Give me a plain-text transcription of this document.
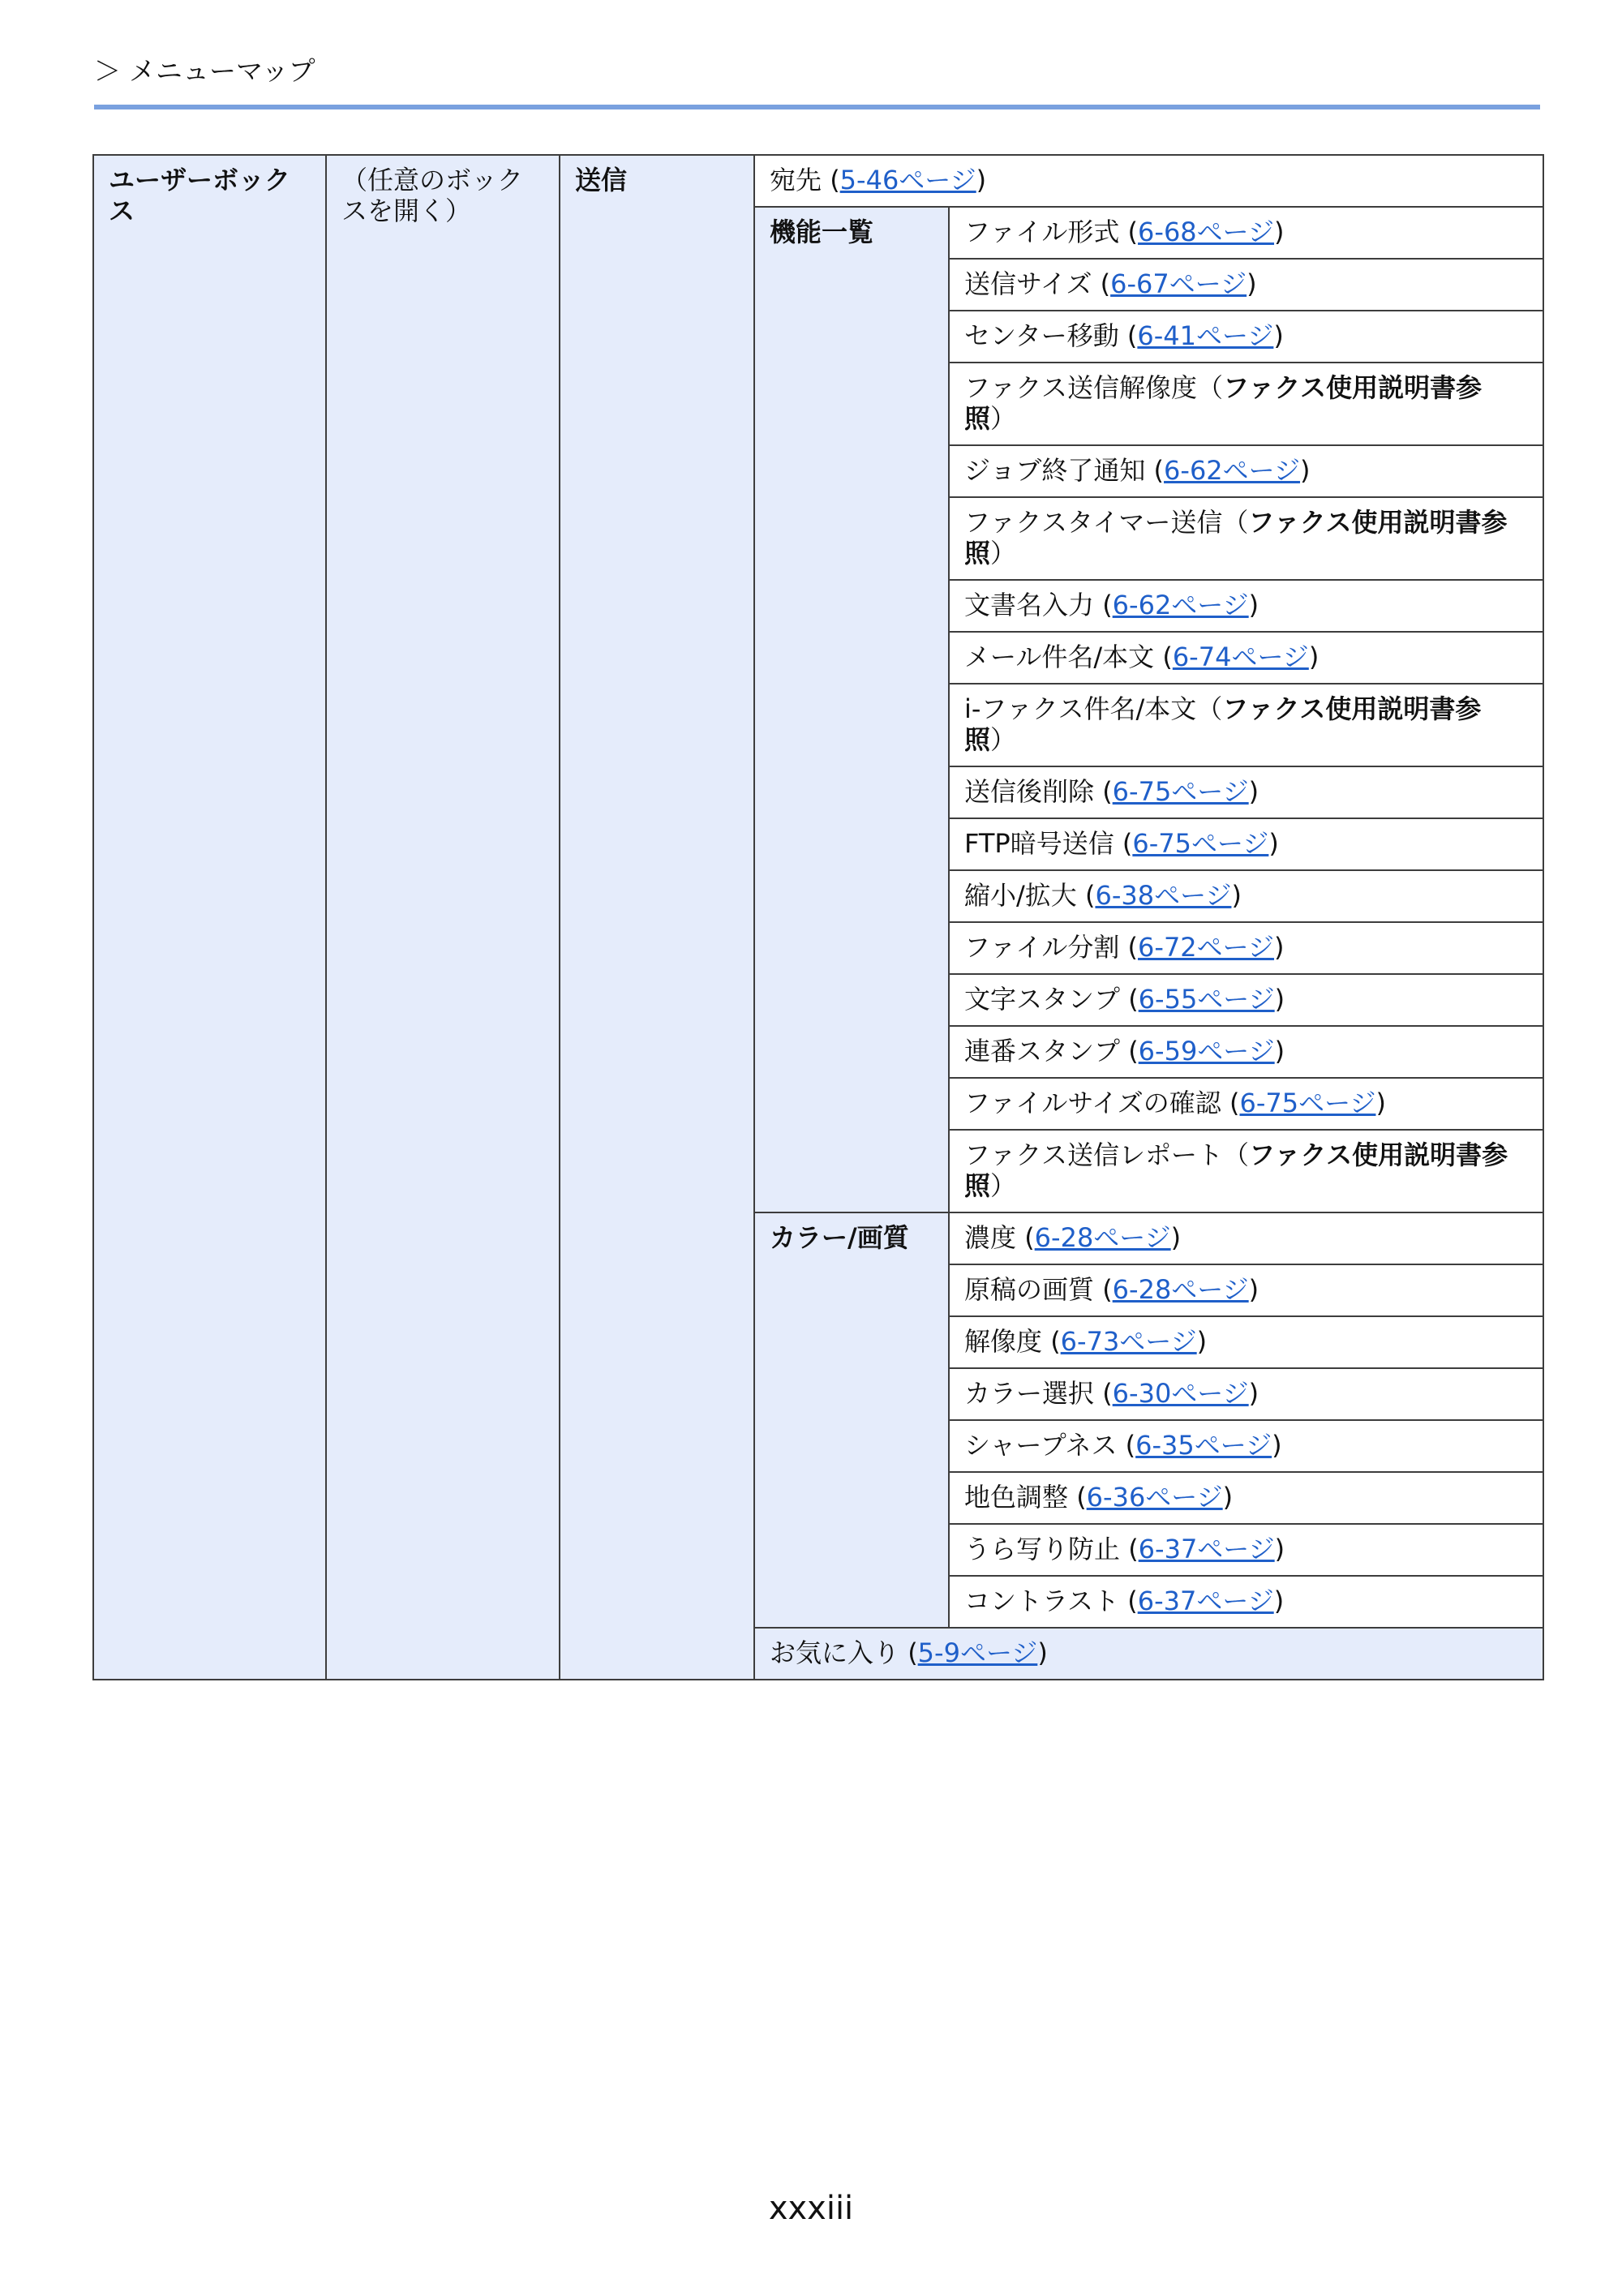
＞ メニューマップ
ユーザーボックス	（任意のボックスを開く）	送信	宛先 (5-46ページ)	
			機能一覧	ファイル形式 (6-68ページ)
				送信サイズ (6-67ページ)
				センター移動 (6-41ページ)
				ファクス送信解像度（ファクス使用説明書参照）
				ジョブ終了通知 (6-62ページ)
				ファクスタイマー送信（ファクス使用説明書参照）
				文書名入力 (6-62ページ)
				メール件名/本文 (6-74ページ)
				i-ファクス件名/本文（ファクス使用説明書参照）
				送信後削除 (6-75ページ)
				FTP暗号送信 (6-75ページ)
				縮小/拡大 (6-38ページ)
				ファイル分割 (6-72ページ)
				文字スタンプ (6-55ページ)
				連番スタンプ (6-59ページ)
				ファイルサイズの確認 (6-75ページ)
				ファクス送信レポート（ファクス使用説明書参照）
			カラー/画質	濃度 (6-28ページ)
				原稿の画質 (6-28ページ)
				解像度 (6-73ページ)
				カラー選択 (6-30ページ)
				シャープネス (6-35ページ)
				地色調整 (6-36ページ)
				うら写り防止 (6-37ページ)
				コントラスト (6-37ページ)
			お気に入り (5-9ページ)	
xxxiii
